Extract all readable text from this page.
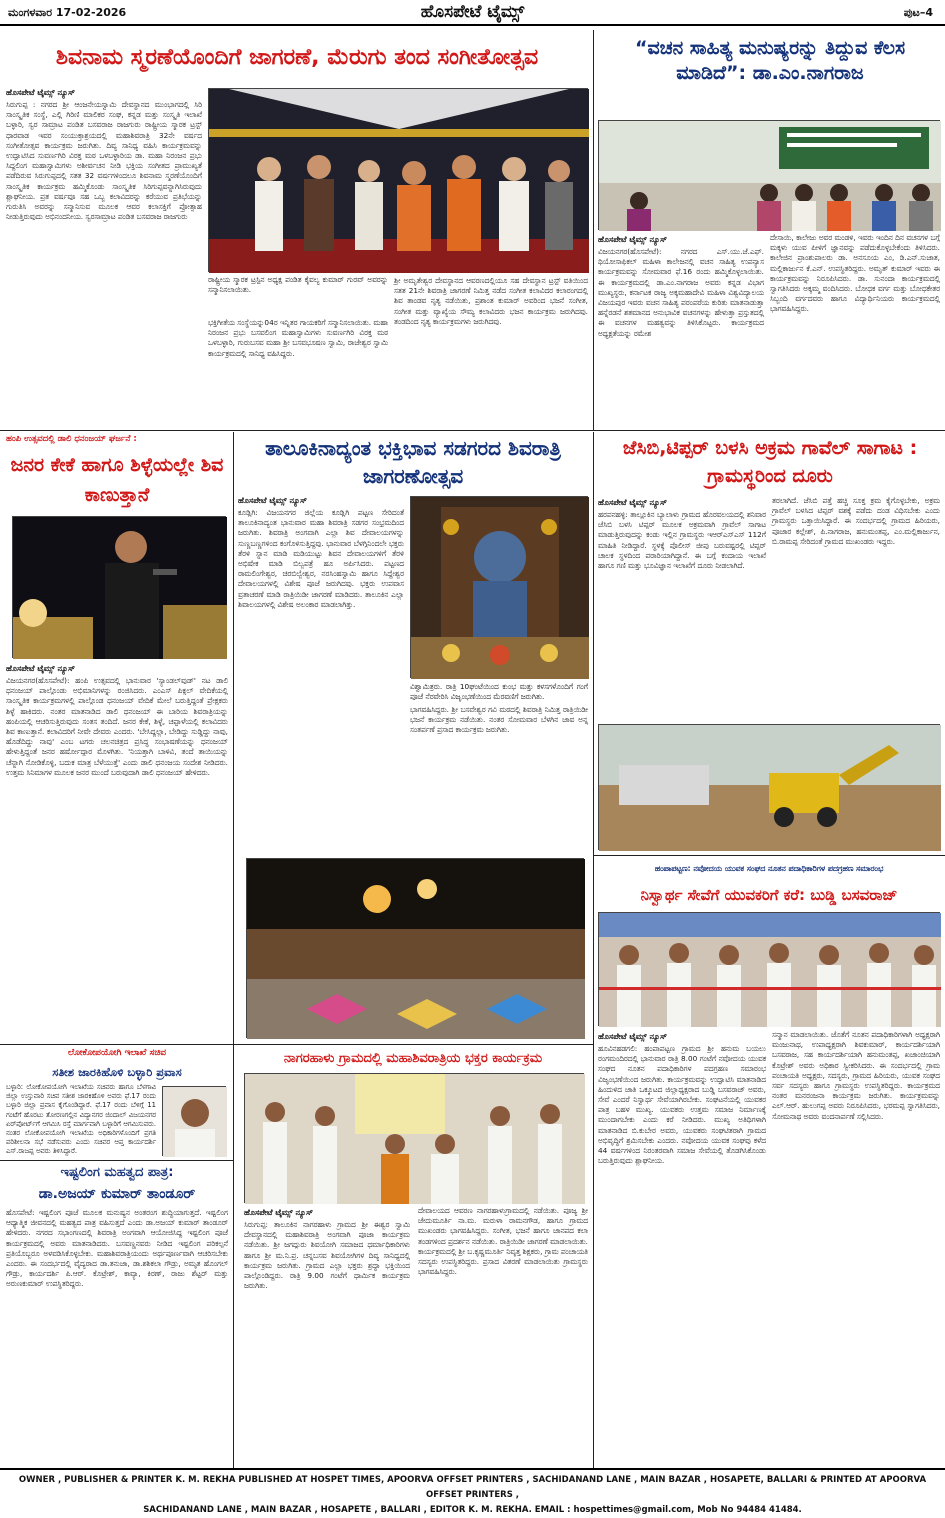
ಮಂಗಳವಾರ 17-02-2026	ಹೊಸಪೇಟೆ ಟೈಮ್ಸ್	ಪುಟ–4
ಶಿವನಾಮ ಸ್ಮರಣೆಯೊಂದಿಗೆ ಜಾಗರಣೆ, ಮೆರುಗು ತಂದ ಸಂಗೀತೋತ್ಸವ
ಹೊಸಪೇಟೆ ಟೈಮ್ಸ್ ನ್ಯೂಸ್
ಸಿರುಗುಪ್ಪ : ನಗರದ ಶ್ರೀ ಆಂಜನೇಯಸ್ವಾಮಿ ದೇವಸ್ಥಾನದ ಮುಂಭಾಗದಲ್ಲಿ ಸಿರಿ ಸಾಂಸ್ಕೃತಿಕ ಸಂಸ್ಥೆ, ಎಲ್ಲಿ ಗಿರಿಣಿ ಮಾಲಿಕರ ಸಂಘ, ಕನ್ನಡ ಮತ್ತು ಸಂಸ್ಕೃತಿ ಇಲಾಖೆ ಬಳ್ಳಾರಿ, ಸ್ವರ ಸಾಮ್ರಾಟ ಪಂಡಿತ ಬಸವರಾಜ ರಾಜಗುರು ರಾಷ್ಟ್ರೀಯ ಸ್ಮಾರಕ ಟ್ರಸ್ಟ್ ಧಾರವಾಡ ಇವರ ಸಂಯುಕ್ತಾಶ್ರಯದಲ್ಲಿ ಮಹಾಶಿವರಾತ್ರಿ 32ನೇ ವರ್ಷದ ಸಂಗೀತೋತ್ಸವ ಕಾರ್ಯಕ್ರಮ ಜರುಗಿತು. ದಿವ್ಯ ಸಾನಿಧ್ಯ ವಹಿಸಿ ಕಾರ್ಯಕ್ರಮವನ್ನು ಉದ್ಘಾಟಿಸಿದ ಸುವರ್ಣಗಿರಿ ವಿರಕ್ತ ಮಠ ಒಳಬಳ್ಳಾರಿಯ ಡಾ. ಮಹಾ ನಿರಂಜನ ಪ್ರಭು ಸಿದ್ದಲಿಂಗ ಮಹಾಸ್ವಾಮಿಗಳು ಅಶೀರ್ವಚನ ನೀಡಿ ಭಕ್ತಿಯ ಸಂಗೀತದ ಪ್ರಾಮುಖ್ಯತೆ ಪಡೆದಿರುವ ಸಿರುಗುಪ್ಪದಲ್ಲಿ ಸತತ 32 ವರ್ಷಗಳಿಂದಲೂ ಶಿವನಾಮ ಸ್ಮರಣೆಯೊಂದಿಗೆ ಸಾಂಸ್ಕೃತಿಕ ಕಾರ್ಯಕ್ರಮ ಹಮ್ಮಿಕೊಂಡು ಸಾಂಸ್ಕೃತಿಕ ಸಿರಿಗುಪ್ಪವನ್ನಾಗಿಸಿರುವುದು ಶ್ಲಾಘನೀಯ. ಪ್ರತ ವರ್ಷವೂ ಸಹ ಒಬ್ಬ ಕಲಾವಿದರನ್ನು ಕರೆಯುವ ಪ್ರತಿಭೆಯನ್ನು ಗುರುತಿಸಿ ಅವರನ್ನು ಸನ್ಮಾನಿಸುವ ಮೂಲಕ ಆವರ ಕಲಾಸಕ್ತಿಗೆ ಪ್ರೋತ್ಸಾಹ ನೀಡುತ್ತಿರುವುದು ಅಭಿನಂದನೀಯ. ಸ್ವರಸಾಮ್ರಾಟ ಪಂಡಿತ ಬಸವರಾಜ ರಾಜಗುರು
ರಾಷ್ಟ್ರೀಯ ಸ್ಮಾರಕ ಟ್ರಸ್ಟಿನ ಅಧ್ಯಕ್ಷ ಪಂಡಿತ ಕೈವಲ್ಯ ಕುಮಾರ್ ಗುರವ್ ಅವರನ್ನು ಸನ್ಮಾನಿಸಲಾಯಿತು.
ಭಕ್ತಿಗೀತೆಯ ಸಂಸ್ಥೆಯನ್ನು04ರ ಇನ್ನಿತರ ಗಾಯಕರಿಗೆ ಸನ್ಮಾನಿಸಲಾಯಿತು. ಮಹಾ ನಿರಂಜನ ಪ್ರಭು ಬಸವಲಿಂಗ ಮಹಾಸ್ವಾಮಿಗಳು ಸುವರ್ಣಗಿರಿ ವಿರಕ್ತ ಮಠ ಒಳಬಳ್ಳಾರಿ, ಗುರುಬಸವ ಮಹಾ ಶ್ರೀ ಬಸವಭೂಷಣ ಸ್ವಾಮಿ, ರಾಜೇಶ್ವರ ಸ್ವಾಮಿ ಕಾರ್ಯಕ್ರಮದಲ್ಲಿ ಸಾನಿಧ್ಯ ವಹಿಸಿದ್ದರು.
ಶ್ರೀ ಅಮೃತೇಶ್ವರ ದೇವಸ್ಥಾನದ ಆವರಣದಲ್ಲಿಯೂ ಸಹ ದೇವಸ್ಥಾನ ಟ್ರಸ್ಟ್ ವತಿಯಿಂದ ಸತತ 21ನೇ ಶಿವರಾತ್ರಿ ಜಾಗರಣೆ ನಿಮಿತ್ತ ನಡೆದ ಸಂಗೀತ ಕಲಾವಿದರ ಕಲಾರಂಗದಲ್ಲಿ ಶಿವ ತಾಂಡವ ನೃತ್ಯ ನಡೆಯಿತು, ಪ್ರಶಾಂತ ಕುಮಾರ್ ಅವರಿಂದ ಭಜನೆ ಸಂಗೀತ, ಸಂಗೀತ ಮತ್ತು ವ್ಯಾಖ್ಯೆಯ ಸೌಮ್ಯ ಕಲಾವಿದರು ಭಜನ ಕಾರ್ಯಕ್ರಮ ಜರುಗಿದವು. ತಂಡದಿಂದ ನೃತ್ಯ ಕಾರ್ಯಕ್ರಮಗಳು ಜರುಗಿದವು.
“ವಚನ ಸಾಹಿತ್ಯ ಮನುಷ್ಯರನ್ನು ತಿದ್ದುವ ಕೆಲಸ ಮಾಡಿದೆ”: ಡಾ.ಎಂ.ನಾಗರಾಜ
ಹೊಸಪೇಟೆ ಟೈಮ್ಸ್ ನ್ಯೂಸ್
ವಿಜಯನಗರ(ಹೊಸಪೇಟೆ): ನಗರದ ಎಸ್.ಯು.ಜೆ.ಎಫ್. ಥಿಯೋಸಾಫಿಕಲ್ ಮಹಿಳಾ ಕಾಲೇಜನಲ್ಲಿ ವಚನ ಸಾಹಿತ್ಯ ಉಪನ್ಯಾಸ ಕಾರ್ಯಕ್ರಮವನ್ನು ಸೋಮವಾರ ಫೆ.16 ರಂದು ಹಮ್ಮಿಕೊಳ್ಳಲಾಯಿತು. ಈ ಕಾರ್ಯಕ್ರಮದಲ್ಲಿ ಡಾ.ಎಂ.ನಾಗರಾಜ ಅವರು ಕನ್ನಡ ವಿಭಾಗ ಮುಖ್ಯಸ್ಥರು, ಕರ್ನಾಟಕ ರಾಜ್ಯ ಅಕ್ಕಮಹಾದೇವಿ ಮಹಿಳಾ ವಿಶ್ವವಿದ್ಯಾಲಯ ವಿಜಯಪುರ ಇವರು ವಚನ ಸಾಹಿತ್ಯ ಪರಂಪರೆಯ ಕುರಿತು ಮಾತನಾಡುತ್ತಾ ಹನ್ನೆರಡನೆ ಶತಮಾನದ ಅನುಭಾವಿಕ ವಚನಗಳನ್ನು ಹೇಳುತ್ತಾ ಪ್ರಸ್ತುತದಲ್ಲಿ ಈ ವಚನಗಳ ಮಹತ್ವವನ್ನು ತಿಳಿಸಿಕೊಟ್ಟರು. ಕಾರ್ಯಕ್ರಮದ ಅಧ್ಯಕ್ಷತೆಯನ್ನು ರಮೇಶ
ದೇಸಾಯಿ, ಕಾಲೇಜು ಅವರ ಮಂಡಳಿ, ಇವರು ಇಂದಿನ ದಿನ ವಚನಗಳ ಬಗ್ಗೆ ಮಕ್ಕಳು ಯುವ ಪೀಳಿಗೆ ಜ್ಞಾನವನ್ನು ಪಡೆದುಕೊಳ್ಳಬೇಕೆಂದು ತಿಳಿಸಿದರು. ಕಾಲೇಜಿನ ಪ್ರಾಂಶುಪಾಲರು ಡಾ. ಅನಸೂಯ ಎಂ, ಡಿ.ಎನ್.ಸುಜಾತ, ಮಲ್ಲಿಕಾರ್ಜುನ ಕೆ.ಎನ್. ಉಪಸ್ಥಿತರಿದ್ದರು. ಅಮೃತ್ ಕುಮಾರ್ ಇವರು ಈ ಕಾರ್ಯಕ್ರಮವನ್ನು ನಿರೂಪಿಸಿದರು. ಡಾ. ಸುನಂದಾ ಕಾರ್ಯಕ್ರಮದಲ್ಲಿ ಸ್ವಾಗತಿಸಿದರು ಅಕ್ಕಮ್ಮ ವಂದಿಸಿದರು. ಬೋಧಕ ವರ್ಗ ಮತ್ತು ಬೋಧಕೇತರ ಸಿಬ್ಬಂದಿ ವರ್ಗದವರು ಹಾಗೂ ವಿದ್ಯಾರ್ಥಿನಿಯರು ಕಾರ್ಯಕ್ರಮದಲ್ಲಿ ಭಾಗವಹಿಸಿದ್ದರು.
ಹಂಪಿ ಉತ್ಸವದಲ್ಲಿ ಡಾಲಿ ಧನಂಜಯ್ ಘರ್ಜನೆ :
ಜನರ ಕೇಕೆ ಹಾಗೂ ಶಿಳ್ಳೆಯಲ್ಲೇ ಶಿವ ಕಾಣುತ್ತಾನೆ
ಹೊಸಪೇಟೆ ಟೈಮ್ಸ್ ನ್ಯೂಸ್
ವಿಜಯನಗರ(ಹೊಸಪೇಟೆ): ಹಂಪಿ ಉತ್ಸವದಲ್ಲಿ ಭಾನುವಾರ 'ಸ್ಯಾಂಡಲ್‌ವುಡ್' ನಟ ಡಾಲಿ ಧನಂಜಯ್ ಪಾಲ್ಗೊಂಡು ಅಭಿಮಾನಿಗಳನ್ನು ರಂಜಿಸಿದರು. ಎಂಎಸ್ ಪಿಕ್ಸಲ್ ವೇದಿಕೆಯಲ್ಲಿ ಸಾಂಸ್ಕೃತಿಕ ಕಾರ್ಯಕ್ರಮಗಳಲ್ಲಿ ಪಾಲ್ಗೊಂಡ ಧನಂಜಯ್ ವೇದಿಕೆ ಮೇಲೆ ಬರುತ್ತಿದ್ದಂತೆ ಪ್ರೇಕ್ಷಕರು ಶಿಳ್ಳೆ ಹಾಕಿದರು. ನಂತರ ಮಾತನಾಡಿದ ಡಾಲಿ ಧನಂಜಯ್ ಈ ಬಾರಿಯ ಶಿವರಾತ್ರಿಯನ್ನು ಹಂಪಿಯಲ್ಲಿ ಆಚರಿಸುತ್ತಿರುವುದು ಸಂತಸ ತಂದಿದೆ. ಜನರ ಕೇಕೆ, ಶಿಳ್ಳೆ, ಚಪ್ಪಾಳೆಯಲ್ಲಿ ಕಲಾವಿದರು ಶಿವ ಕಾಣುತ್ತಾನೆ. ಕಲಾವಿದರಿಗೆ ನೀವೇ ದೇವರು ಎಂದರು. 'ಬೇಸಿದ್ದಲ್ಲಾ, ಬೇಡಿದ್ದು ಸುಡ್ಡಿದ್ದು ನಾವು, ಹೊಡೆದಿದ್ದು ನಾವು' ಎಂಬ ಟಗರು ಚಲನಚಿತ್ರದ ಪ್ರಸಿದ್ಧ ಸಂಭಾಷಣೆಯನ್ನು ಧನಂಜಯ್ ಹೇಳುತ್ತಿದ್ದಂತೆ ಜನರ ಹರ್ಷೋದ್ಗಾರ ಮೊಳಗಿತು. 'ನಿಯತ್ತಾಗಿ ಬಾಳಿವಿ, ತಂದೆ ತಾಯಿಯನ್ನು ಚೆನ್ನಾಗಿ ನೋಡಿಕೊಳ್ಳಿ, ಬದುಕ ಮಾತ್ರ ಬೆಳೆಯುತ್ತೆ' ಎಂದು ಡಾಲಿ ಧನಂಜಯ ಸಂದೇಶ ನೀಡಿದರು. ಉತ್ತಮ ಸಿನಿಮಾಗಳ ಮೂಲಕ ಜನರ ಮುಂದೆ ಬರುವುದಾಗಿ ಡಾಲಿ ಧನಂಜಯ್ ಹೇಳಿದರು.
ತಾಲೂಕಿನಾದ್ಯಂತ ಭಕ್ತಿಭಾವ ಸಡಗರದ ಶಿವರಾತ್ರಿ ಜಾಗರಣೋತ್ಸವ
ಹೊಸಪೇಟೆ ಟೈಮ್ಸ್ ನ್ಯೂಸ್
ಕೂಡ್ಲಿಗಿ: ವಿಜಯನಗರ ಜಿಲ್ಲೆಯ ಕೂಡ್ಲಿಗಿ ಪಟ್ಟಣ ಸೇರಿದಂತೆ ತಾಲೂಕಿನಾದ್ಯಂತ ಭಾನುವಾರ ಮಹಾ ಶಿವರಾತ್ರಿ ಸಡಗರ ಸಂಭ್ರಮದಿಂದ ಜರುಗಿತು. ಶಿವರಾತ್ರಿ ಅಂಗವಾಗಿ ಎಲ್ಲಾ ಶಿವ ದೇವಾಲಯಗಳನ್ನು ಸುಣ್ಣಬಣ್ಣಗಳಿಂದ ಕಂಗೊಳಿಸುತ್ತಿದ್ದವು. ಭಾನುವಾರ ಬೆಳಗ್ಗಿನಿಂದಲೇ ಭಕ್ತರು ತೆರಳಿ ಸ್ನಾನ ಮಾಡಿ ಮಡಿಯುಟ್ಟು ಶಿವನ ದೇವಾಲಯಗಳಿಗೆ ತೆರಳಿ ಅಭಿಷೇಕ ಮಾಡಿ ಬಿಲ್ವಪತ್ರೆ ಹೂ ಅರ್ಪಿಸಿದರು. ಪಟ್ಟಣದ ರಾಮಲಿಂಗೇಶ್ವರ, ಚಿರಬಿಲ್ವೇಶ್ವರ, ನರಸಿಂಹಸ್ವಾಮಿ ಹಾಗೂ ಸಿದ್ದೇಶ್ವರ ದೇವಾಲಯಗಳಲ್ಲಿ ವಿಶೇಷ ಪೂಜೆ ಜರುಗಿದವು. ಭಕ್ತರು ಉಪವಾಸ ವ್ರತಾಚರಣೆ ಮಾಡಿ ರಾತ್ರಿಯಿಡೀ ಜಾಗರಣೆ ಮಾಡಿದರು. ತಾಲೂಕಿನ ಎಲ್ಲಾ ಶಿವಾಲಯಗಳಲ್ಲಿ ವಿಶೇಷ ಅಲಂಕಾರ ಮಾಡಲಾಗಿತ್ತು.
ವಿಶ್ವಾಮಿತ್ರರು. ರಾತ್ರಿ 10ಘಂಟೆಯಿಂದ ಕುಂಭ ಮತ್ತು ಕಳಸಗಳೊಂದಿಗೆ ಗಂಗೆ ಪೂಜೆ ನೆರವೇರಿಸಿ ವಿಜೃಂಭಣೆಯಿಂದ ಮೆರವಣಿಗೆ ಜರುಗಿತು.
ಭಾಗವಹಿಸಿದ್ದರು. ಶ್ರೀ ಬಸವೇಶ್ವರ ಗವಿ ಮಠದಲ್ಲಿ ಶಿವರಾತ್ರಿ ನಿಮಿತ್ತ ರಾತ್ರಿಯಿಡೀ ಭಜನೆ ಕಾರ್ಯಕ್ರಮ ನಡೆಯಿತು. ನಂತರ ಸೋಮವಾರ ಬೆಳಗಿನ ಜಾವ ಅನ್ನ ಸಂತರ್ಪಣೆ ಪ್ರಸಾದ ಕಾರ್ಯಕ್ರಮ ಜರುಗಿತು.
ಜೆಸಿಬಿ,ಟಿಪ್ಪರ್ ಬಳಸಿ ಅಕ್ರಮ ಗಾವೆಲ್ ಸಾಗಾಟ : ಗ್ರಾಮಸ್ಥರಿಂದ ದೂರು
ಹೊಸಪೇಟೆ ಟೈಮ್ಸ್ ನ್ಯೂಸ್
ಹರಪನಹಳ್ಳಿ: ತಾಲ್ಲೂಕಿನ ಬ್ಯಾಲಾಳು ಗ್ರಾಮದ ಹೊರವಲಯದಲ್ಲಿ ಶನಿವಾರ ಜೆಸಿಬಿ ಬಳಸಿ ಟಿಪ್ಪರ್ ಮೂಲಕ ಅಕ್ರಮವಾಗಿ ಗ್ರಾವೆಲ್ ಸಾಗಾಟ ಮಾಡುತ್ತಿರುವುದನ್ನು ಕಂಡು ಇಲ್ಲಿನ ಗ್ರಾಮಸ್ಥರು ಇಆರ್‌ಎಸ್‌ಎಸ್ 112ಗೆ ಮಾಹಿತಿ ನೀಡಿದ್ದಾರೆ. ಸ್ಥಳಕ್ಕೆ ಪೊಲೀಸ್ ಜೀಪು ಬರುವಷ್ಟರಲ್ಲಿ ಟಿಪ್ಪರ್ ಚಾಲಕ ಸ್ಥಳದಿಂದ ಪರಾರಿಯಾಗಿದ್ದಾನೆ. ಈ ಬಗ್ಗೆ ಕಂದಾಯ ಇಲಾಖೆ ಹಾಗೂ ಗಣಿ ಮತ್ತು ಭೂವಿಜ್ಞಾನ ಇಲಾಖೆಗೆ ದೂರು ನೀಡಲಾಗಿದೆ.
ತರಲಾಗಿದೆ. ಜೆಸಿಬಿ ಪತ್ತೆ ಹಚ್ಚಿ ಸೂಕ್ತ ಕ್ರಮ ಕೈಗೊಳ್ಳಬೇಕು, ಅಕ್ರಮ ಗ್ರಾವೆಲ್ ಬಳಸಿದ ಟಿಪ್ಪರ್ ವಶಕ್ಕೆ ಪಡೆದು ದಂಡ ವಿಧಿಸಬೇಕು ಎಂದು ಗ್ರಾಮಸ್ಥರು ಒತ್ತಾಯಿಸಿದ್ದಾರೆ. ಈ ಸಂದರ್ಭದಲ್ಲಿ ಗ್ರಾಮದ ಹಿರಿಯರು, ಪೂಜಾರ ಕಲ್ಲೇಶ್, ಪಿ.ನಾಗರಾಜ, ಹನುಮಂತಪ್ಪ, ಎಂ.ಮಲ್ಲಿಕಾರ್ಜುನ, ಬಿ.ರಾಮಪ್ಪ ಸೇರಿದಂತೆ ಗ್ರಾಮದ ಮುಖಂಡರು ಇದ್ದರು.
ಹಂಪಾಪಟ್ಟಣ: ನವೋದಯ ಯುವಕ ಸಂಘದ ನೂತನ ಪದಾಧಿಕಾರಿಗಳ ಪದಗ್ರಹಣ ಸಮಾರಂಭ
ನಿಸ್ವಾರ್ಥ ಸೇವೆಗೆ ಯುವಕರಿಗೆ ಕರೆ: ಬುಡ್ಡಿ ಬಸವರಾಜ್
ಹೊಸಪೇಟೆ ಟೈಮ್ಸ್ ನ್ಯೂಸ್
ಹೂವಿನಹಡಗಲಿ: ಹಂಪಾಪಟ್ಟಣ ಗ್ರಾಮದ ಶ್ರೀ ಹನುಮ ಬಯಲು ರಂಗಮಂದಿರದಲ್ಲಿ ಭಾನುವಾರ ರಾತ್ರಿ 8.00 ಗಂಟೆಗೆ ನವೋದಯ ಯುವಕ ಸಂಘದ ನೂತನ ಪದಾಧಿಕಾರಿಗಳ ಪದಗ್ರಹಣ ಸಮಾರಂಭ ವಿಜೃಂಭಣೆಯಿಂದ ಜರುಗಿತು. ಕಾರ್ಯಕ್ರಮವನ್ನು ಉದ್ಘಾಟಿಸಿ ಮಾತನಾಡಿದ ಹಿಂದುಳಿದ ಜಾತಿ ಒಕ್ಕೂಟದ ಜಿಲ್ಲಾಧ್ಯಕ್ಷರಾದ ಬುಡ್ಡಿ ಬಸವರಾಜ್ ಅವರು, ಸೇವೆ ಎಂದರೆ ನಿಸ್ವಾರ್ಥ ಸೇವೆಯಾಗಿರಬೇಕು. ಸಂಘಟನೆಯಲ್ಲಿ ಯುವಕರ ಪಾತ್ರ ಬಹಳ ಮುಖ್ಯ. ಯುವಕರು ಉತ್ತಮ ಸಮಾಜ ನಿರ್ಮಾಣಕ್ಕೆ ಮುಂದಾಗಬೇಕು ಎಂದು ಕರೆ ನೀಡಿದರು. ಮುಖ್ಯ ಅತಿಥಿಗಳಾಗಿ ಮಾತನಾಡಿದ ಬಿ.ಕುಬೇರ ಅವರು, ಯುವಕರು ಸಂಘಟಿತರಾಗಿ ಗ್ರಾಮದ ಅಭಿವೃದ್ಧಿಗೆ ಶ್ರಮಿಸಬೇಕು ಎಂದರು. ನವೋದಯ ಯುವಕ ಸಂಘವು ಕಳೆದ 44 ವರ್ಷಗಳಿಂದ ನಿರಂತರವಾಗಿ ಸಮಾಜ ಸೇವೆಯಲ್ಲಿ ತೊಡಗಿಸಿಕೊಂಡು ಬರುತ್ತಿರುವುದು ಶ್ಲಾಘನೀಯ.
ಸನ್ಮಾನ ಮಾಡಲಾಯಿತು. ಜೊತೆಗೆ ನೂತನ ಪದಾಧಿಕಾರಿಗಳಾಗಿ ಅಧ್ಯಕ್ಷರಾಗಿ ಮಂಜುನಾಥ, ಉಪಾಧ್ಯಕ್ಷರಾಗಿ ಶಿವಕುಮಾರ್, ಕಾರ್ಯದರ್ಶಿಯಾಗಿ ಬಸವರಾಜ, ಸಹ ಕಾರ್ಯದರ್ಶಿಯಾಗಿ ಹನುಮಂತಪ್ಪ, ಖಜಾಂಚಿಯಾಗಿ ಕೊಟ್ರೇಶ್ ಅವರು ಅಧಿಕಾರ ಸ್ವೀಕರಿಸಿದರು. ಈ ಸಂದರ್ಭದಲ್ಲಿ ಗ್ರಾಮ ಪಂಚಾಯತಿ ಅಧ್ಯಕ್ಷರು, ಸದಸ್ಯರು, ಗ್ರಾಮದ ಹಿರಿಯರು, ಯುವಕ ಸಂಘದ ಸರ್ವ ಸದಸ್ಯರು ಹಾಗೂ ಗ್ರಾಮಸ್ಥರು ಉಪಸ್ಥಿತರಿದ್ದರು. ಕಾರ್ಯಕ್ರಮದ ನಂತರ ಮನರಂಜನಾ ಕಾರ್ಯಕ್ರಮ ಜರುಗಿತು. ಕಾರ್ಯಕ್ರಮವನ್ನು ಎಲ್.ಆರ್. ಹುಲುಗಪ್ಪ ಅವರು ನಿರೂಪಿಸಿದರು, ಭರಮಪ್ಪ ಸ್ವಾಗತಿಸಿದರು, ಸೋಮನಾಥ ಅವರು ವಂದನಾರ್ಪಣೆ ಸಲ್ಲಿಸಿದರು.
ಲೋಕೋಪಯೋಗಿ ಇಲಾಖೆ ಸಚಿವ
ಸತೀಶ ಜಾರಕಿಹೊಳಿ ಬಳ್ಳಾರಿ ಪ್ರವಾಸ
ಬಳ್ಳಾರಿ: ಲೋಕೋಪಯೋಗಿ ಇಲಾಖೆಯ ಸಚಿವರು ಹಾಗೂ ಬೆಳಗಾವಿ ಜಿಲ್ಲಾ ಉಸ್ತುವಾರಿ ಸಚಿವ ಸತೀಶ ಜಾರಕಿಹೊಳಿ ಅವರು ಫೆ.17 ರಂದು ಬಳ್ಳಾರಿ ಜಿಲ್ಲಾ ಪ್ರವಾಸ ಕೈಗೊಂಡಿದ್ದಾರೆ. ಫೆ.17 ರಂದು ಬೆಳಿಗ್ಗೆ 11 ಗಂಟೆಗೆ ಹೊರಟು ತೋರಣಗಲ್ಲಿನ ವಿದ್ಯಾನಗರ ಜಿಂದಾಲ್ ವಿಜಯನಗರ ಏರ್‌ಪೋರ್ಟ್‌ಗೆ ಆಗಮಿಸಿ ರಸ್ತೆ ಮಾರ್ಗವಾಗಿ ಬಳ್ಳಾರಿಗೆ ಆಗಮಿಸುವರು. ನಂತರ ಲೋಕೋಪಯೋಗಿ ಇಲಾಖೆಯ ಅಧಿಕಾರಿಗಳೊಂದಿಗೆ ಪ್ರಗತಿ ಪರಿಶೀಲನಾ ಸಭೆ ನಡೆಸುವರು ಎಂದು ಸಚಿವರ ಆಪ್ತ ಕಾರ್ಯದರ್ಶಿ ಎಸ್.ರಾಜಪ್ಪ ಅವರು ತಿಳಿಸಿದ್ದಾರೆ.
ಇಷ್ಟಲಿಂಗ ಮಹತ್ವದ ಪಾತ್ರ:
ಡಾ.ಅಜಯ್ ಕುಮಾರ್ ತಾಂಡೂರ್
ಹೊಸಪೇಟೆ: ಇಷ್ಟಲಿಂಗ ಪೂಜೆ ಮೂಲಕ ಮನುಷ್ಯನ ಅಂತರಂಗ ಶುದ್ಧಿಯಾಗುತ್ತದೆ. ಇಷ್ಟಲಿಂಗ ಆಧ್ಯಾತ್ಮಿಕ ಜೀವನದಲ್ಲಿ ಮಹತ್ವದ ಪಾತ್ರ ವಹಿಸುತ್ತದೆ ಎಂದು ಡಾ.ಅಜಯ್ ಕುಮಾರ್ ತಾಂಡೂರ್ ಹೇಳಿದರು. ನಗರದ ಸಭಾಂಗಣದಲ್ಲಿ ಶಿವರಾತ್ರಿ ಅಂಗವಾಗಿ ಆಯೋಜಿಸಿದ್ದ ಇಷ್ಟಲಿಂಗ ಪೂಜೆ ಕಾರ್ಯಕ್ರಮದಲ್ಲಿ ಅವರು ಮಾತನಾಡಿದರು. ಬಸವಣ್ಣನವರು ನೀಡಿದ ಇಷ್ಟಲಿಂಗ ಪರಿಕಲ್ಪನೆ ಪ್ರತಿಯೊಬ್ಬರೂ ಅಳವಡಿಸಿಕೊಳ್ಳಬೇಕು. ಮಹಾಶಿವರಾತ್ರಿಯಂದು ಅರ್ಥಪೂರ್ಣವಾಗಿ ಆಚರಿಸಬೇಕು ಎಂದರು. ಈ ಸಂದರ್ಭದಲ್ಲಿ ವೈದ್ಯರಾದ ಡಾ.ತನುಜಾ, ಡಾ.ಶಶಿಕಲಾ ಗೌಡ್ರು, ಅಮೃತ ಹೊಂಗಲ್ ಗೌಡ್ರು, ಕಾರ್ಯದರ್ಶಿ ಪಿ.ಆರ್. ಕೊಟ್ರೇಶ್, ಕಾವ್ಯಾ, ಕಿರಣ್, ರಾಜು ಶೆಟ್ಟರ್ ಮತ್ತು ಅರುಣಕುಮಾರ್ ಉಪಸ್ಥಿತರಿದ್ದರು.
ನಾಗರಹಾಳು ಗ್ರಾಮದಲ್ಲಿ ಮಹಾಶಿವರಾತ್ರಿಯ ಭಕ್ತರ ಕಾರ್ಯಕ್ರಮ
ಹೊಸಪೇಟೆ ಟೈಮ್ಸ್ ನ್ಯೂಸ್
ಸಿರುಗುಪ್ಪ: ತಾಲೂಕಿನ ನಾಗರಹಾಳು ಗ್ರಾಮದ ಶ್ರೀ ಈಶ್ವರ ಸ್ವಾಮಿ ದೇವಸ್ಥಾನದಲ್ಲಿ ಮಹಾಶಿವರಾತ್ರಿ ಅಂಗವಾಗಿ ಪೂಜಾ ಕಾರ್ಯಕ್ರಮ ನಡೆಯಿತು. ಶ್ರೀ ಜಗದ್ಗುರು ಶಿವಯೋಗಿ ಸಮಾಜದ ಧರ್ಮಾಧಿಕಾರಿಗಳು ಹಾಗೂ ಶ್ರೀ ಮ.ನಿ.ಪ್ರ. ಚನ್ನಬಸವ ಶಿವಯೋಗಿಗಳ ದಿವ್ಯ ಸಾನಿಧ್ಯದಲ್ಲಿ ಕಾರ್ಯಕ್ರಮ ಜರುಗಿತು. ಗ್ರಾಮದ ಎಲ್ಲಾ ಭಕ್ತರು ಶ್ರದ್ಧಾ ಭಕ್ತಿಯಿಂದ ಪಾಲ್ಗೊಂಡಿದ್ದರು. ರಾತ್ರಿ 9.00 ಗಂಟೆಗೆ ಧಾರ್ಮಿಕ ಕಾರ್ಯಕ್ರಮ ಜರುಗಿತು.
ದೇವಾಲಯದ ಆವರಣ ನಾಗರಹಾಳುಗ್ರಾಮದಲ್ಲಿ ನಡೆಯಿತು. ಪೂಜ್ಯ ಶ್ರೀ ಜೇದುಮೂರ್ತಿ ನಾ.ಮ. ಮರುಳಾ ರಾಮನಗೌಡ, ಹಾಗೂ ಗ್ರಾಮದ ಮುಖಂಡರು ಭಾಗವಹಿಸಿದ್ದರು. ಸಂಗೀತ, ಭಜನೆ ಹಾಗೂ ಜಾನಪದ ಕಲಾ ತಂಡಗಳಿಂದ ಪ್ರದರ್ಶನ ನಡೆಯಿತು. ರಾತ್ರಿಯಿಡೀ ಜಾಗರಣೆ ಮಾಡಲಾಯಿತು. ಕಾರ್ಯಕ್ರಮದಲ್ಲಿ ಶ್ರೀ ಬ.ಕೃಷ್ಣಮೂರ್ತಿ ನಿವೃತ್ತ ಶಿಕ್ಷಕರು, ಗ್ರಾಮ ಪಂಚಾಯತಿ ಸದಸ್ಯರು ಉಪಸ್ಥಿತರಿದ್ದರು. ಪ್ರಸಾದ ವಿತರಣೆ ಮಾಡಲಾಯಿತು ಗ್ರಾಮಸ್ಥರು ಭಾಗವಹಿಸಿದ್ದರು.
OWNER , PUBLISHER & PRINTER K. M. REKHA PUBLISHED AT HOSPET TIMES, APOORVA OFFSET PRINTERS , SACHIDANAND LANE , MAIN BAZAR , HOSAPETE, BALLARI & PRINTED AT APOORVA OFFSET PRINTERS ,
SACHIDANAND LANE , MAIN BAZAR , HOSAPETE , BALLARI , EDITOR K. M. REKHA. EMAIL : hospettimes@gmail.com, Mob No 94484 41484.
